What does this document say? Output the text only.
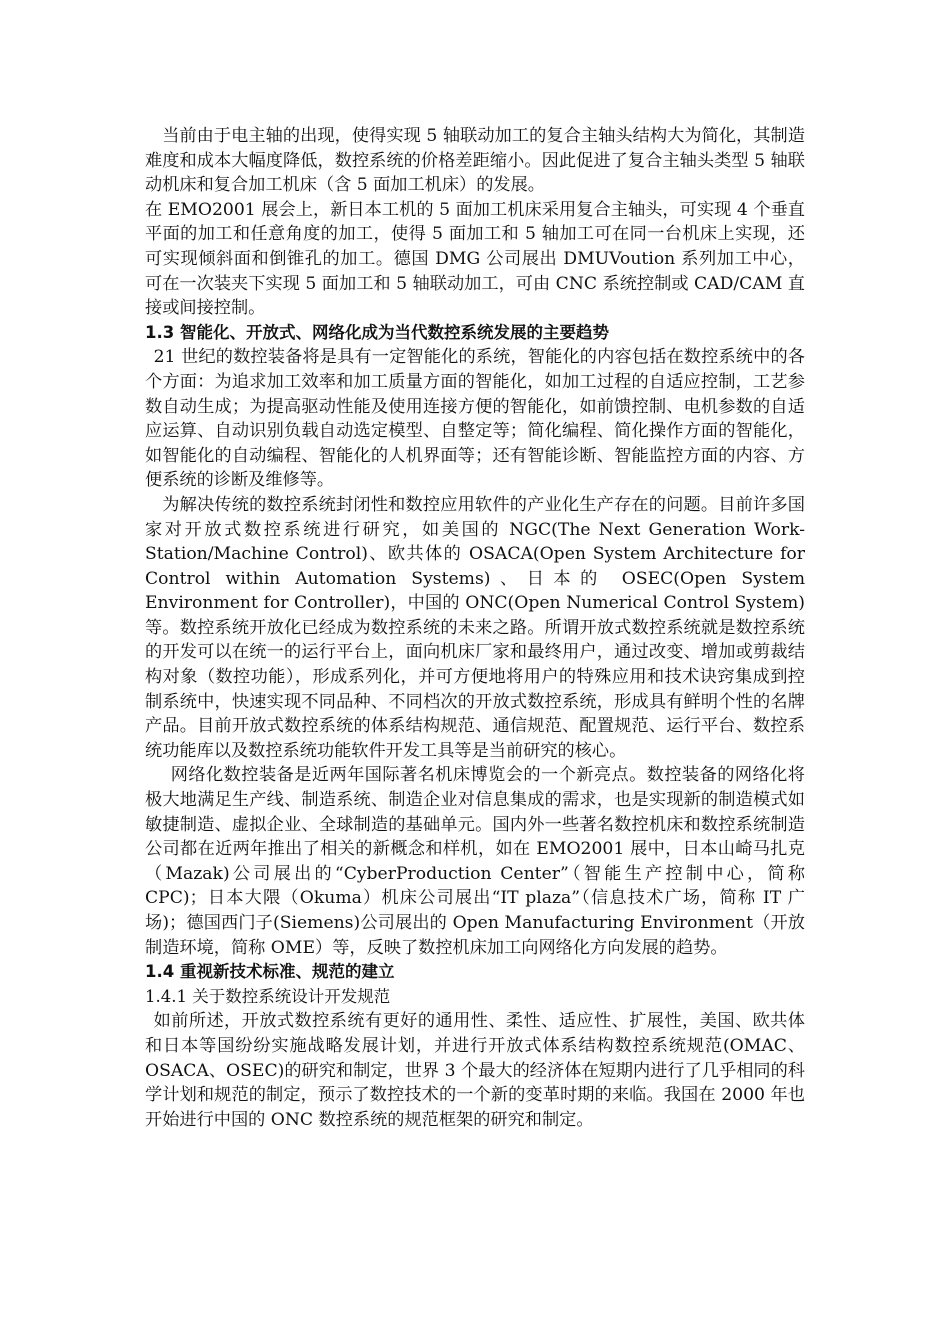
当前由于电主轴的出现，使得实现 5 轴联动加工的复合主轴头结构大为简化，其制造难度和成本大幅度降低，数控系统的价格差距缩小。因此促进了复合主轴头类型 5 轴联动机床和复合加工机床（含 5 面加工机床）的发展。

在 EMO2001 展会上，新日本工机的 5 面加工机床采用复合主轴头，可实现 4 个垂直平面的加工和任意角度的加工，使得 5 面加工和 5 轴加工可在同一台机床上实现，还可实现倾斜面和倒锥孔的加工。德国 DMG 公司展出 DMUVoution 系列加工中心，可在一次装夹下实现 5 面加工和 5 轴联动加工，可由 CNC 系统控制或 CAD/CAM 直接或间接控制。

1.3 智能化、开放式、网络化成为当代数控系统发展的主要趋势

21 世纪的数控装备将是具有一定智能化的系统，智能化的内容包括在数控系统中的各个方面：为追求加工效率和加工质量方面的智能化，如加工过程的自适应控制，工艺参数自动生成；为提高驱动性能及使用连接方便的智能化，如前馈控制、电机参数的自适应运算、自动识别负载自动选定模型、自整定等；简化编程、简化操作方面的智能化，如智能化的自动编程、智能化的人机界面等；还有智能诊断、智能监控方面的内容、方便系统的诊断及维修等。

为解决传统的数控系统封闭性和数控应用软件的产业化生产存在的问题。目前许多国家对开放式数控系统进行研究，如美国的 NGC(The Next Generation Work-Station/Machine Control)、欧共体的 OSACA(Open System Architecture for Control within Automation Systems)、日本的 OSEC(Open System Environment for Controller)，中国的 ONC(Open Numerical Control System)等。数控系统开放化已经成为数控系统的未来之路。所谓开放式数控系统就是数控系统的开发可以在统一的运行平台上，面向机床厂家和最终用户，通过改变、增加或剪裁结构对象（数控功能），形成系列化，并可方便地将用户的特殊应用和技术诀窍集成到控制系统中，快速实现不同品种、不同档次的开放式数控系统，形成具有鲜明个性的名牌产品。目前开放式数控系统的体系结构规范、通信规范、配置规范、运行平台、数控系统功能库以及数控系统功能软件开发工具等是当前研究的核心。

网络化数控装备是近两年国际著名机床博览会的一个新亮点。数控装备的网络化将极大地满足生产线、制造系统、制造企业对信息集成的需求，也是实现新的制造模式如敏捷制造、虚拟企业、全球制造的基础单元。国内外一些著名数控机床和数控系统制造公司都在近两年推出了相关的新概念和样机，如在 EMO2001 展中，日本山崎马扎克（Mazak)公司展出的“CyberProduction Center”（智能生产控制中心，简称 CPC)；日本大隈（Okuma）机床公司展出“IT plaza”（信息技术广场，简称 IT 广场)；德国西门子(Siemens)公司展出的 Open Manufacturing Environment（开放制造环境，简称 OME）等，反映了数控机床加工向网络化方向发展的趋势。

1.4 重视新技术标准、规范的建立

1.4.1 关于数控系统设计开发规范

如前所述，开放式数控系统有更好的通用性、柔性、适应性、扩展性，美国、欧共体和日本等国纷纷实施战略发展计划，并进行开放式体系结构数控系统规范(OMAC、OSACA、OSEC)的研究和制定，世界 3 个最大的经济体在短期内进行了几乎相同的科学计划和规范的制定，预示了数控技术的一个新的变革时期的来临。我国在 2000 年也开始进行中国的 ONC 数控系统的规范框架的研究和制定。
